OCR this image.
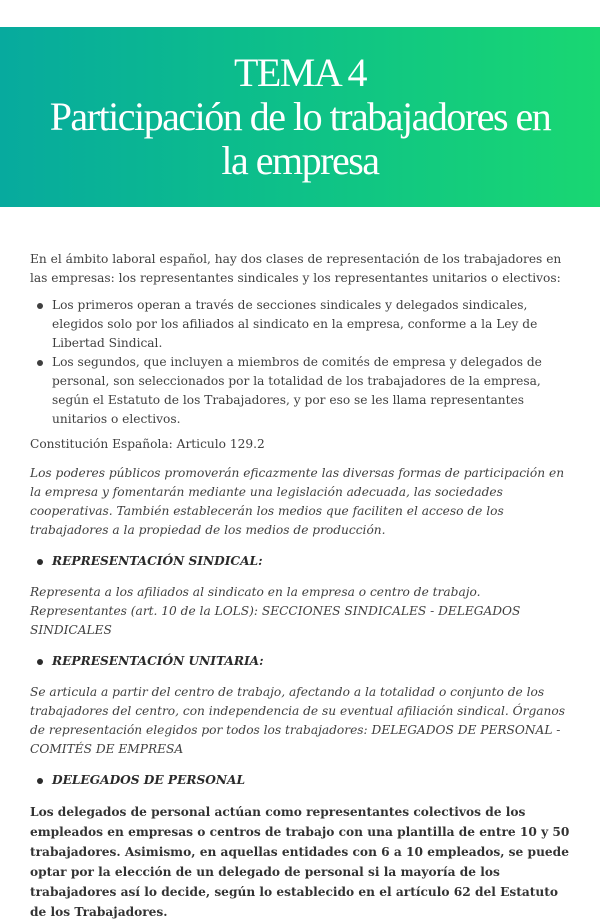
TEMA 4
Participación de lo trabajadores en
la empresa

En el ámbito laboral español, hay dos clases de representación de los trabajadores en las empresas: los representantes sindicales y los representantes unitarios o electivos:

Los primeros operan a través de secciones sindicales y delegados sindicales, elegidos solo por los afiliados al sindicato en la empresa, conforme a la Ley de Libertad Sindical.
Los segundos, que incluyen a miembros de comités de empresa y delegados de personal, son seleccionados por la totalidad de los trabajadores de la empresa, según el Estatuto de los Trabajadores, y por eso se les llama representantes unitarios o electivos.

Constitución Española: Articulo 129.2

Los poderes públicos promoverán eficazmente las diversas formas de participación en la empresa y fomentarán mediante una legislación adecuada, las sociedades cooperativas. También establecerán los medios que faciliten el acceso de los trabajadores a la propiedad de los medios de producción.

REPRESENTACIÓN SINDICAL:

Representa a los afiliados al sindicato en la empresa o centro de trabajo. Representantes (art. 10 de la LOLS): SECCIONES SINDICALES - DELEGADOS SINDICALES

REPRESENTACIÓN UNITARIA:

Se articula a partir del centro de trabajo, afectando a la totalidad o conjunto de los trabajadores del centro, con independencia de su eventual afiliación sindical. Órganos de representación elegidos por todos los trabajadores: DELEGADOS DE PERSONAL - COMITÉS DE EMPRESA

DELEGADOS DE PERSONAL

Los delegados de personal actúan como representantes colectivos de los empleados en empresas o centros de trabajo con una plantilla de entre 10 y 50 trabajadores. Asimismo, en aquellas entidades con 6 a 10 empleados, se puede optar por la elección de un delegado de personal si la mayoría de los trabajadores así lo decide, según lo establecido en el artículo 62 del Estatuto de los Trabajadores.
